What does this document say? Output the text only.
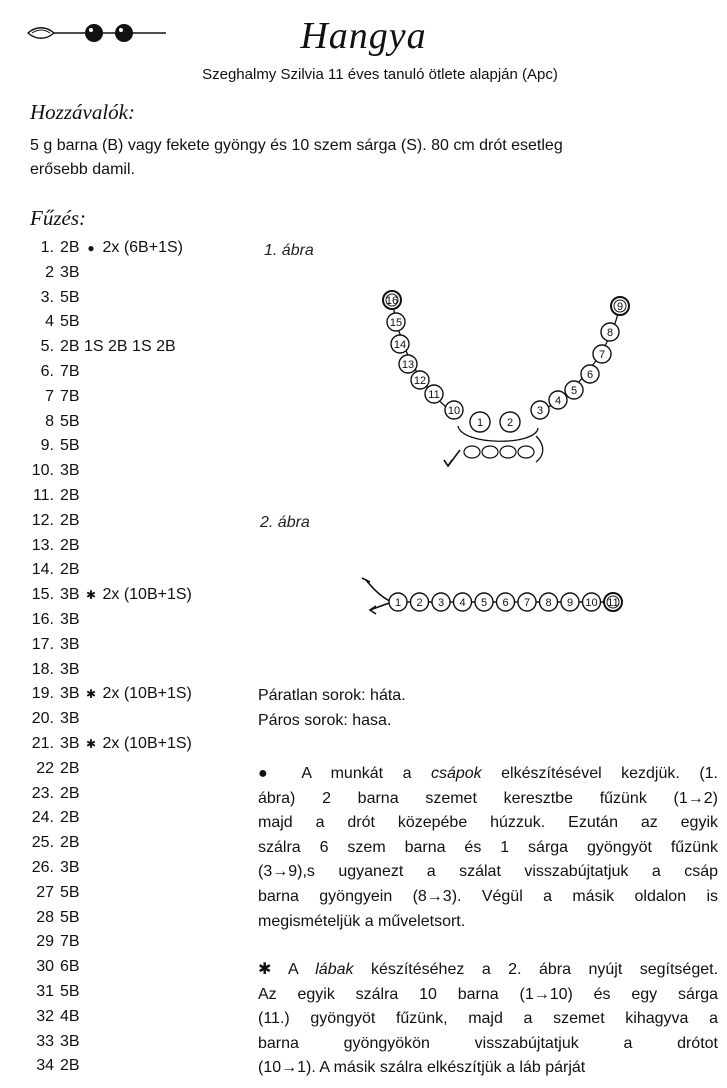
Hangya
Szeghalmy Szilvia 11 éves tanuló ötlete alapján (Apc)
Hozzávalók:
5 g barna (B) vagy fekete gyöngy és 10 szem sárga (S). 80 cm drót esetleg
erősebb damil.
Fűzés:
1. 2B ● 2x (6B+1S)
2 3B
3. 5B
4 5B
5. 2B 1S 2B 1S 2B
6. 7B
7 7B
8 5B
9. 5B
10. 3B
11. 2B
12. 2B
13. 2B
14. 2B
15. 3B ✱ 2x (10B+1S)
16. 3B
17. 3B
18. 3B
19. 3B ✱ 2x (10B+1S)
20. 3B
21. 3B ✱ 2x (10B+1S)
22 2B
23. 2B
24. 2B
25. 2B
26. 3B
27 5B
28 5B
29 7B
30 6B
31 5B
32 4B
33 3B
34 2B
1. ábra
16
15
14
13
12
11
10	3
4
5
6
7
8
9
1 2
2. ábra
1 2 3 4 5 6 7 8 9 10 11
Páratlan sorok: háta.
Páros sorok: hasa.
● A munkát a csápok elkészítésével kezdjük. (1.
ábra) 2 barna szemet keresztbe fűzünk (1→2)
majd a drót közepébe húzzuk. Ezután az egyik
szálra 6 szem barna és 1 sárga gyöngyöt fűzünk
(3→9),s ugyanezt a szálat visszabújtatjuk a csáp
barna gyöngyein (8→3). Végül a másik oldalon is
megismételjük a műveletsort.
✱ A lábak készítéséhez a 2. ábra nyújt segítséget.
Az egyik szálra 10 barna (1→10) és egy sárga
(11.) gyöngyöt fűzünk, majd a szemet kihagyva a
barna gyöngyökön visszabújtatjuk a drótot
(10→1). A másik szálra elkészítjük a láb párját
